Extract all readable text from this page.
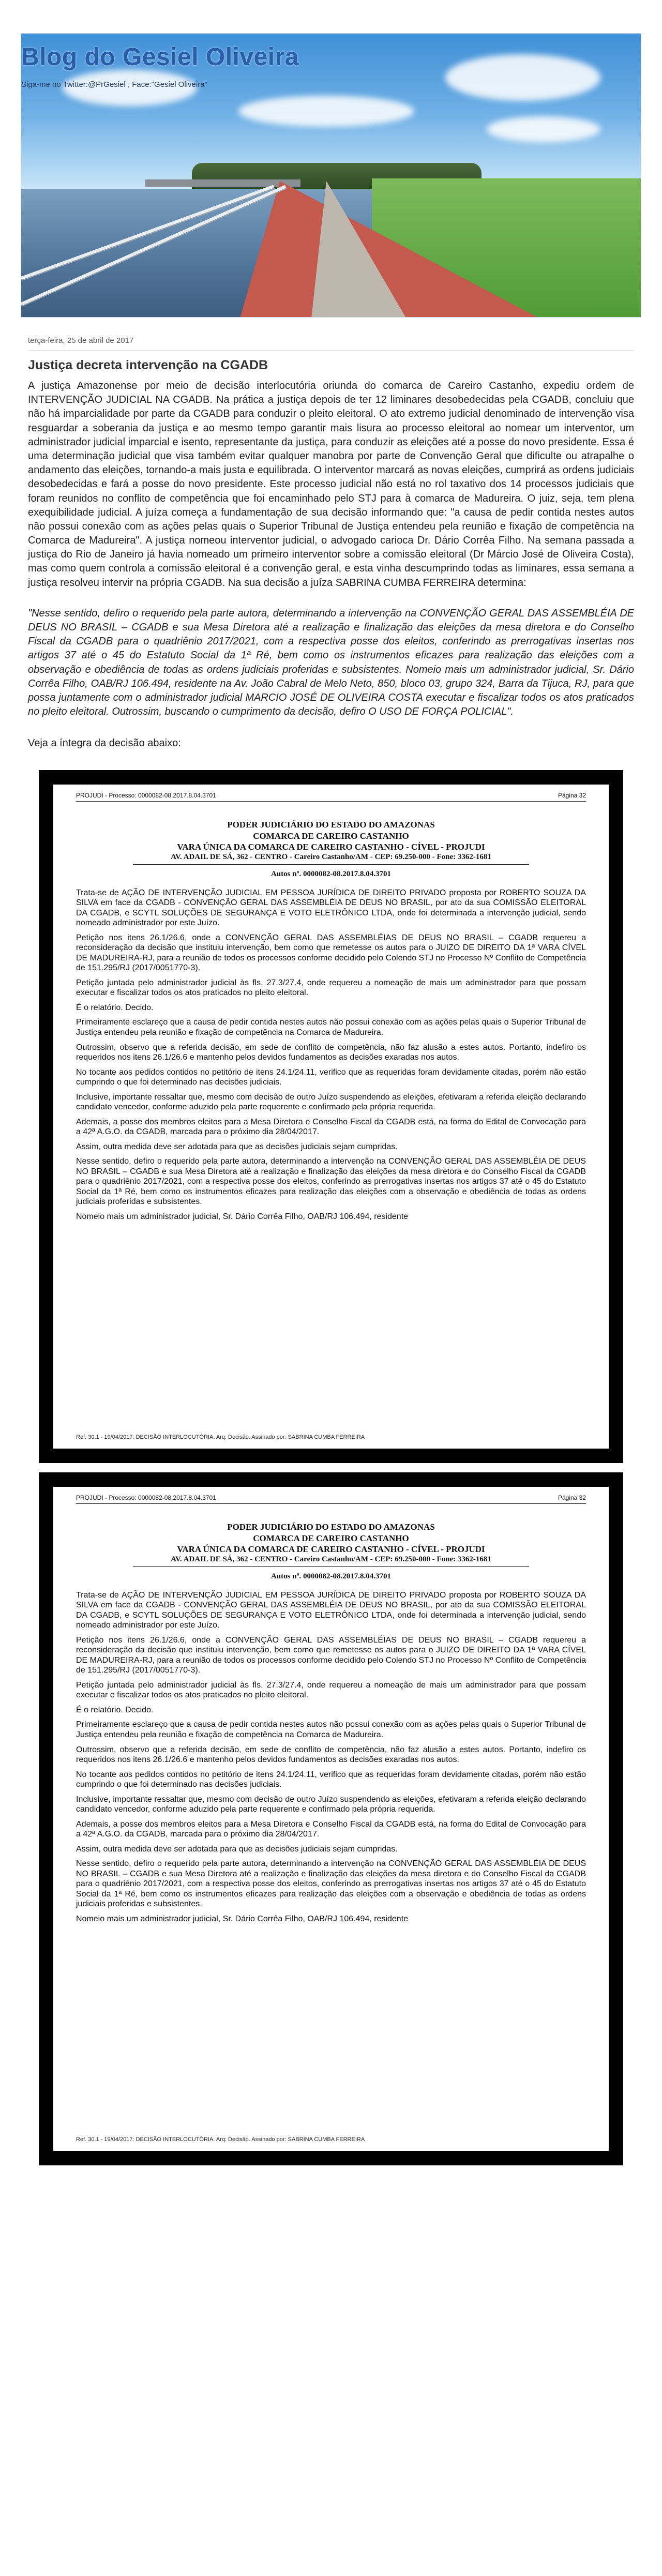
Blog do Gesiel Oliveira

Siga-me no Twitter:@PrGesiel , Face:"Gesiel Oliveira"

terça-feira, 25 de abril de 2017
Justiça decreta intervenção na CGADB
A justiça Amazonense por meio de decisão interlocutória oriunda do comarca de Careiro Castanho, expediu ordem de INTERVENÇÃO JUDICIAL NA CGADB. Na prática a justiça depois de ter 12 liminares desobedecidas pela CGADB, concluiu que não há imparcialidade por parte da CGADB para conduzir o pleito eleitoral. O ato extremo judicial denominado de intervenção visa resguardar a soberania da justiça e ao mesmo tempo garantir mais lisura ao processo eleitoral ao nomear um interventor, um administrador judicial imparcial e isento, representante da justiça, para conduzir as eleições até a posse do novo presidente. Essa é uma determinação judicial que visa também evitar qualquer manobra por parte de Convenção Geral que dificulte ou atrapalhe o andamento das eleições, tornando-a mais justa e equilibrada. O interventor marcará as novas eleições, cumprirá as ordens judiciais desobedecidas e fará a posse do novo presidente. Este processo judicial não está no rol taxativo dos 14 processos judiciais que foram reunidos no conflito de competência que foi encaminhado pelo STJ para à comarca de Madureira. O juiz, seja, tem plena exequibilidade judicial. A juíza começa a fundamentação de sua decisão informando que: "a causa de pedir contida nestes autos não possui conexão com as ações pelas quais o Superior Tribunal de Justiça entendeu pela reunião e fixação de competência na Comarca de Madureira". A justiça nomeou interventor judicial, o advogado carioca Dr. Dário Corrêa Filho. Na semana passada a justiça do Rio de Janeiro já havia nomeado um primeiro interventor sobre a comissão eleitoral (Dr Márcio José de Oliveira Costa), mas como quem controla a comissão eleitoral é a convenção geral, e esta vinha descumprindo todas as liminares, essa semana a justiça resolveu intervir na própria CGADB. Na sua decisão a juíza SABRINA CUMBA FERREIRA determina:
"Nesse sentido, defiro o requerido pela parte autora, determinando a intervenção na CONVENÇÃO GERAL DAS ASSEMBLÉIA DE DEUS NO BRASIL – CGADB e sua Mesa Diretora até a realização e finalização das eleições da mesa diretora e do Conselho Fiscal da CGADB para o quadriênio 2017/2021, com a respectiva posse dos eleitos, conferindo as prerrogativas insertas nos artigos 37 até o 45 do Estatuto Social da 1ª Ré, bem como os instrumentos eficazes para realização das eleições com a observação e obediência de todas as ordens judiciais proferidas e subsistentes. Nomeio mais um administrador judicial, Sr. Dário Corrêa Filho, OAB/RJ 106.494, residente na Av. João Cabral de Melo Neto, 850, bloco 03, grupo 324, Barra da Tijuca, RJ, para que possa juntamente com o administrador judicial MARCIO JOSÉ DE OLIVEIRA COSTA executar e fiscalizar todos os atos praticados no pleito eleitoral. Outrossim, buscando o cumprimento da decisão, defiro O USO DE FORÇA POLICIAL".
Veja a íntegra da decisão abaixo:
PROJUDI - Processo: 0000082-08.2017.8.04.3701	Página 32
PODER JUDICIÁRIO DO ESTADO DO AMAZONAS
COMARCA DE CAREIRO CASTANHO
VARA ÚNICA DA COMARCA DE CAREIRO CASTANHO - CÍVEL - PROJUDI
AV. ADAIL DE SÁ, 362 - CENTRO - Careiro Castanho/AM - CEP: 69.250-000 - Fone: 3362-1681
Autos nº. 0000082-08.2017.8.04.3701

Trata-se de AÇÃO DE INTERVENÇÃO JUDICIAL EM PESSOA JURÍDICA DE DIREITO PRIVADO proposta por ROBERTO SOUZA DA SILVA em face da CGADB - CONVENÇÃO GERAL DAS ASSEMBLÉIA DE DEUS NO BRASIL, por ato da sua COMISSÃO ELEITORAL DA CGADB, e SCYTL SOLUÇÕES DE SEGURANÇA E VOTO ELETRÔNICO LTDA, onde foi determinada a intervenção judicial, sendo nomeado administrador por este Juízo.

Petição nos itens 26.1/26.6, onde a CONVENÇÃO GERAL DAS ASSEMBLÉIAS DE DEUS NO BRASIL – CGADB requereu a reconsideração da decisão que instituiu intervenção, bem como que remetesse os autos para o JUIZO DE DIREITO DA 1ª VARA CÍVEL DE MADUREIRA-RJ, para a reunião de todos os processos conforme decidido pelo Colendo STJ no Processo Nº Conflito de Competência de 151.295/RJ (2017/0051770-3).

Petição juntada pelo administrador judicial às fls. 27.3/27.4, onde requereu a nomeação de mais um administrador para que possam executar e fiscalizar todos os atos praticados no pleito eleitoral.

É o relatório. Decido.

Primeiramente esclareço que a causa de pedir contida nestes autos não possui conexão com as ações pelas quais o Superior Tribunal de Justiça entendeu pela reunião e fixação de competência na Comarca de Madureira.

Outrossim, observo que a referida decisão, em sede de conflito de competência, não faz alusão a estes autos. Portanto, indefiro os requeridos nos itens 26.1/26.6 e mantenho pelos devidos fundamentos as decisões exaradas nos autos.

No tocante aos pedidos contidos no petitório de itens 24.1/24.11, verifico que as requeridas foram devidamente citadas, porém não estão cumprindo o que foi determinado nas decisões judiciais.

Inclusive, importante ressaltar que, mesmo com decisão de outro Juízo suspendendo as eleições, efetivaram a referida eleição declarando candidato vencedor, conforme aduzido pela parte requerente e confirmado pela própria requerida.

Ademais, a posse dos membros eleitos para a Mesa Diretora e Conselho Fiscal da CGADB está, na forma do Edital de Convocação para a 42ª A.G.O. da CGADB, marcada para o próximo dia 28/04/2017.

Assim, outra medida deve ser adotada para que as decisões judiciais sejam cumpridas.

Nesse sentido, defiro o requerido pela parte autora, determinando a intervenção na CONVENÇÃO GERAL DAS ASSEMBLÉIA DE DEUS NO BRASIL – CGADB e sua Mesa Diretora até a realização e finalização das eleições da mesa diretora e do Conselho Fiscal da CGADB para o quadriênio 2017/2021, com a respectiva posse dos eleitos, conferindo as prerrogativas insertas nos artigos 37 até o 45 do Estatuto Social da 1ª Ré, bem como os instrumentos eficazes para realização das eleições com a observação e obediência de todas as ordens judiciais proferidas e subsistentes.

Nomeio mais um administrador judicial, Sr. Dário Corrêa Filho, OAB/RJ 106.494, residente

Ref. 30.1 - 19/04/2017: DECISÃO INTERLOCUTÓRIA. Arq: Decisão. Assinado por: SABRINA CUMBA FERREIRA
PROJUDI - Processo: 0000082-08.2017.8.04.3701	Página 32
PODER JUDICIÁRIO DO ESTADO DO AMAZONAS
COMARCA DE CAREIRO CASTANHO
VARA ÚNICA DA COMARCA DE CAREIRO CASTANHO - CÍVEL - PROJUDI
AV. ADAIL DE SÁ, 362 - CENTRO - Careiro Castanho/AM - CEP: 69.250-000 - Fone: 3362-1681
Autos nº. 0000082-08.2017.8.04.3701

Trata-se de AÇÃO DE INTERVENÇÃO JUDICIAL EM PESSOA JURÍDICA DE DIREITO PRIVADO proposta por ROBERTO SOUZA DA SILVA em face da CGADB - CONVENÇÃO GERAL DAS ASSEMBLÉIA DE DEUS NO BRASIL, por ato da sua COMISSÃO ELEITORAL DA CGADB, e SCYTL SOLUÇÕES DE SEGURANÇA E VOTO ELETRÔNICO LTDA, onde foi determinada a intervenção judicial, sendo nomeado administrador por este Juízo.

Petição nos itens 26.1/26.6, onde a CONVENÇÃO GERAL DAS ASSEMBLÉIAS DE DEUS NO BRASIL – CGADB requereu a reconsideração da decisão que instituiu intervenção, bem como que remetesse os autos para o JUIZO DE DIREITO DA 1ª VARA CÍVEL DE MADUREIRA-RJ, para a reunião de todos os processos conforme decidido pelo Colendo STJ no Processo Nº Conflito de Competência de 151.295/RJ (2017/0051770-3).

Petição juntada pelo administrador judicial às fls. 27.3/27.4, onde requereu a nomeação de mais um administrador para que possam executar e fiscalizar todos os atos praticados no pleito eleitoral.

É o relatório. Decido.

Primeiramente esclareço que a causa de pedir contida nestes autos não possui conexão com as ações pelas quais o Superior Tribunal de Justiça entendeu pela reunião e fixação de competência na Comarca de Madureira.

Outrossim, observo que a referida decisão, em sede de conflito de competência, não faz alusão a estes autos. Portanto, indefiro os requeridos nos itens 26.1/26.6 e mantenho pelos devidos fundamentos as decisões exaradas nos autos.

No tocante aos pedidos contidos no petitório de itens 24.1/24.11, verifico que as requeridas foram devidamente citadas, porém não estão cumprindo o que foi determinado nas decisões judiciais.

Inclusive, importante ressaltar que, mesmo com decisão de outro Juízo suspendendo as eleições, efetivaram a referida eleição declarando candidato vencedor, conforme aduzido pela parte requerente e confirmado pela própria requerida.

Ademais, a posse dos membros eleitos para a Mesa Diretora e Conselho Fiscal da CGADB está, na forma do Edital de Convocação para a 42ª A.G.O. da CGADB, marcada para o próximo dia 28/04/2017.

Assim, outra medida deve ser adotada para que as decisões judiciais sejam cumpridas.

Nesse sentido, defiro o requerido pela parte autora, determinando a intervenção na CONVENÇÃO GERAL DAS ASSEMBLÉIA DE DEUS NO BRASIL – CGADB e sua Mesa Diretora até a realização e finalização das eleições da mesa diretora e do Conselho Fiscal da CGADB para o quadriênio 2017/2021, com a respectiva posse dos eleitos, conferindo as prerrogativas insertas nos artigos 37 até o 45 do Estatuto Social da 1ª Ré, bem como os instrumentos eficazes para realização das eleições com a observação e obediência de todas as ordens judiciais proferidas e subsistentes.

Nomeio mais um administrador judicial, Sr. Dário Corrêa Filho, OAB/RJ 106.494, residente

Ref. 30.1 - 19/04/2017: DECISÃO INTERLOCUTÓRIA. Arq: Decisão. Assinado por: SABRINA CUMBA FERREIRA
